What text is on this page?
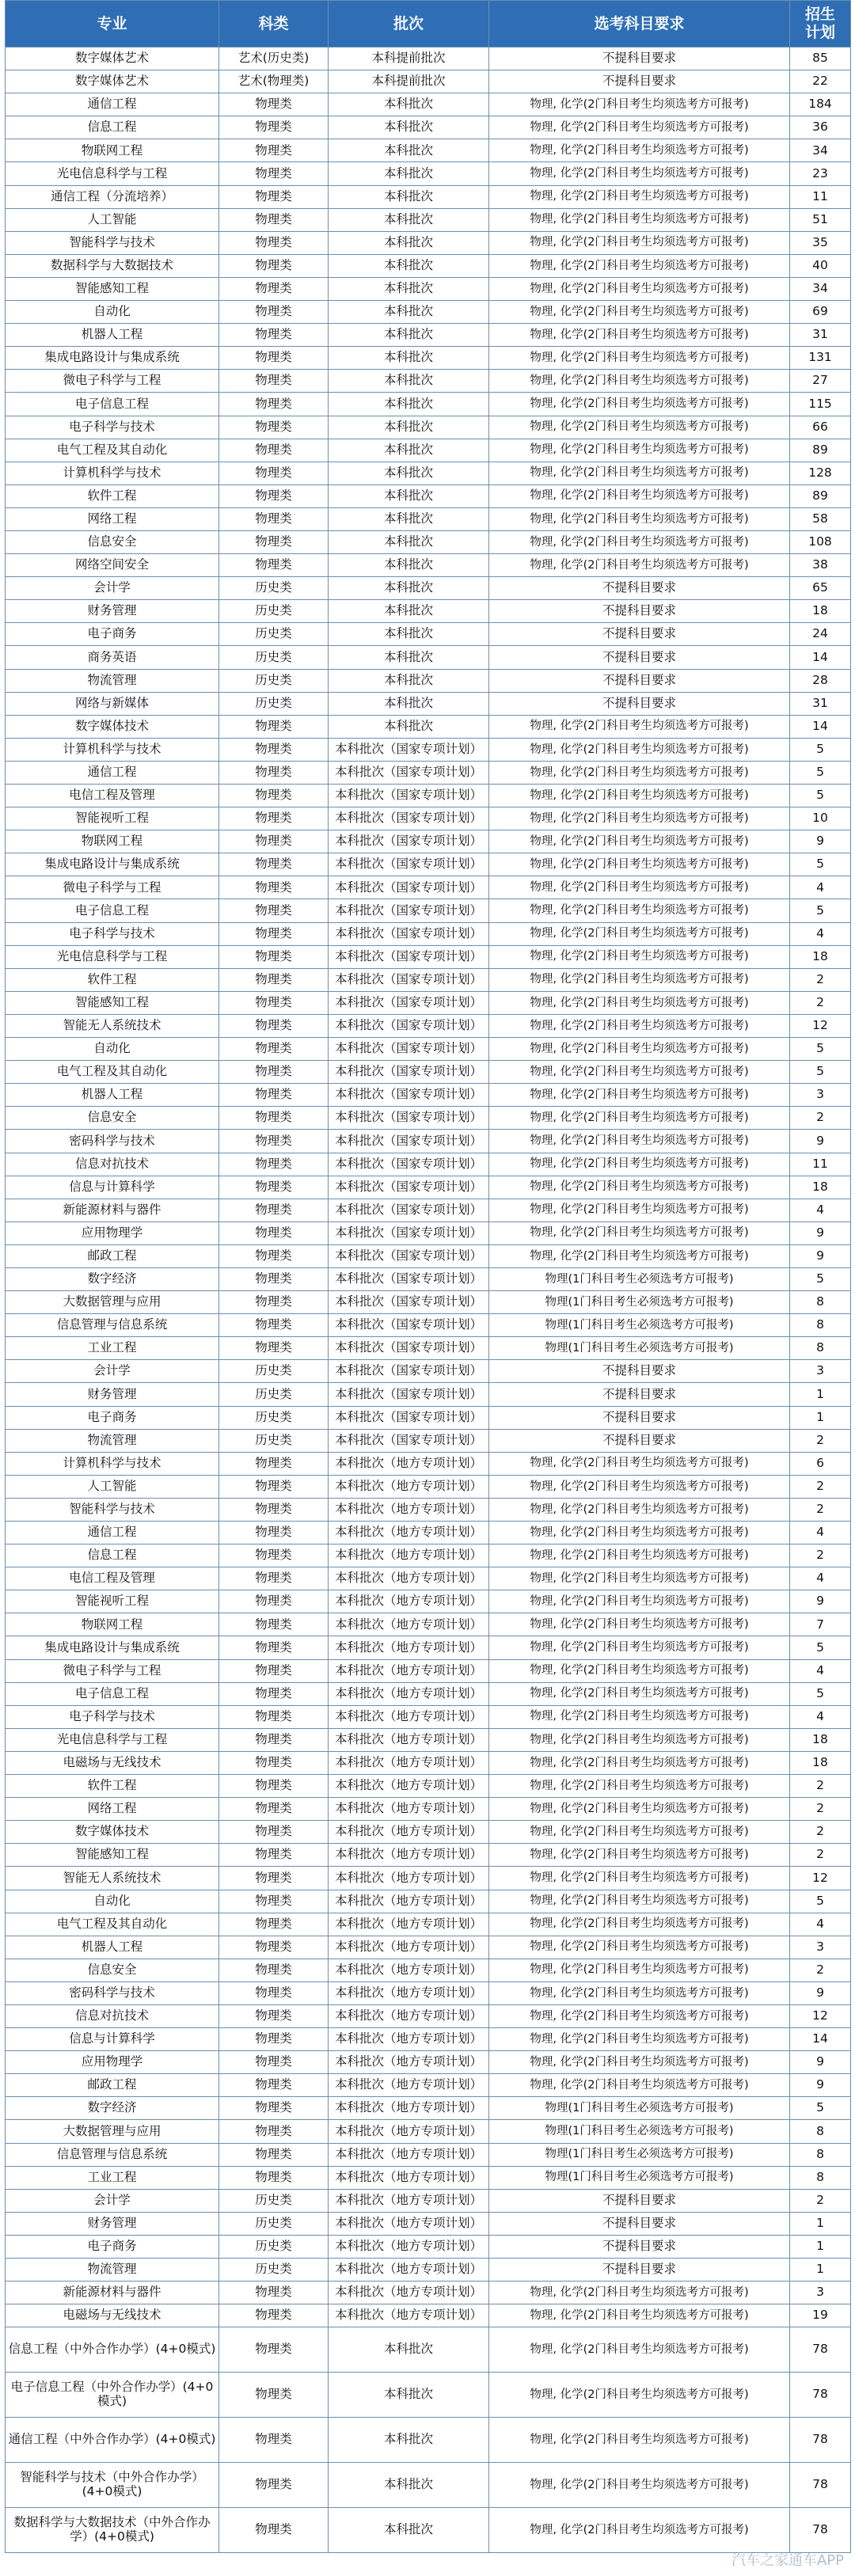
专业	科类	批次	选考科目要求	招生
计划
数字媒体艺术	艺术(历史类)	本科提前批次	不提科目要求	85
数字媒体艺术	艺术(物理类)	本科提前批次	不提科目要求	22
通信工程	物理类	本科批次	物理, 化学(2门科目考生均须选考方可报考)	184
信息工程	物理类	本科批次	物理, 化学(2门科目考生均须选考方可报考)	36
物联网工程	物理类	本科批次	物理, 化学(2门科目考生均须选考方可报考)	34
光电信息科学与工程	物理类	本科批次	物理, 化学(2门科目考生均须选考方可报考)	23
通信工程（分流培养）	物理类	本科批次	物理, 化学(2门科目考生均须选考方可报考)	11
人工智能	物理类	本科批次	物理, 化学(2门科目考生均须选考方可报考)	51
智能科学与技术	物理类	本科批次	物理, 化学(2门科目考生均须选考方可报考)	35
数据科学与大数据技术	物理类	本科批次	物理, 化学(2门科目考生均须选考方可报考)	40
智能感知工程	物理类	本科批次	物理, 化学(2门科目考生均须选考方可报考)	34
自动化	物理类	本科批次	物理, 化学(2门科目考生均须选考方可报考)	69
机器人工程	物理类	本科批次	物理, 化学(2门科目考生均须选考方可报考)	31
集成电路设计与集成系统	物理类	本科批次	物理, 化学(2门科目考生均须选考方可报考)	131
微电子科学与工程	物理类	本科批次	物理, 化学(2门科目考生均须选考方可报考)	27
电子信息工程	物理类	本科批次	物理, 化学(2门科目考生均须选考方可报考)	115
电子科学与技术	物理类	本科批次	物理, 化学(2门科目考生均须选考方可报考)	66
电气工程及其自动化	物理类	本科批次	物理, 化学(2门科目考生均须选考方可报考)	89
计算机科学与技术	物理类	本科批次	物理, 化学(2门科目考生均须选考方可报考)	128
软件工程	物理类	本科批次	物理, 化学(2门科目考生均须选考方可报考)	89
网络工程	物理类	本科批次	物理, 化学(2门科目考生均须选考方可报考)	58
信息安全	物理类	本科批次	物理, 化学(2门科目考生均须选考方可报考)	108
网络空间安全	物理类	本科批次	物理, 化学(2门科目考生均须选考方可报考)	38
会计学	历史类	本科批次	不提科目要求	65
财务管理	历史类	本科批次	不提科目要求	18
电子商务	历史类	本科批次	不提科目要求	24
商务英语	历史类	本科批次	不提科目要求	14
物流管理	历史类	本科批次	不提科目要求	28
网络与新媒体	历史类	本科批次	不提科目要求	31
数字媒体技术	物理类	本科批次	物理, 化学(2门科目考生均须选考方可报考)	14
计算机科学与技术	物理类	本科批次（国家专项计划）	物理, 化学(2门科目考生均须选考方可报考)	5
通信工程	物理类	本科批次（国家专项计划）	物理, 化学(2门科目考生均须选考方可报考)	5
电信工程及管理	物理类	本科批次（国家专项计划）	物理, 化学(2门科目考生均须选考方可报考)	5
智能视听工程	物理类	本科批次（国家专项计划）	物理, 化学(2门科目考生均须选考方可报考)	10
物联网工程	物理类	本科批次（国家专项计划）	物理, 化学(2门科目考生均须选考方可报考)	9
集成电路设计与集成系统	物理类	本科批次（国家专项计划）	物理, 化学(2门科目考生均须选考方可报考)	5
微电子科学与工程	物理类	本科批次（国家专项计划）	物理, 化学(2门科目考生均须选考方可报考)	4
电子信息工程	物理类	本科批次（国家专项计划）	物理, 化学(2门科目考生均须选考方可报考)	5
电子科学与技术	物理类	本科批次（国家专项计划）	物理, 化学(2门科目考生均须选考方可报考)	4
光电信息科学与工程	物理类	本科批次（国家专项计划）	物理, 化学(2门科目考生均须选考方可报考)	18
软件工程	物理类	本科批次（国家专项计划）	物理, 化学(2门科目考生均须选考方可报考)	2
智能感知工程	物理类	本科批次（国家专项计划）	物理, 化学(2门科目考生均须选考方可报考)	2
智能无人系统技术	物理类	本科批次（国家专项计划）	物理, 化学(2门科目考生均须选考方可报考)	12
自动化	物理类	本科批次（国家专项计划）	物理, 化学(2门科目考生均须选考方可报考)	5
电气工程及其自动化	物理类	本科批次（国家专项计划）	物理, 化学(2门科目考生均须选考方可报考)	5
机器人工程	物理类	本科批次（国家专项计划）	物理, 化学(2门科目考生均须选考方可报考)	3
信息安全	物理类	本科批次（国家专项计划）	物理, 化学(2门科目考生均须选考方可报考)	2
密码科学与技术	物理类	本科批次（国家专项计划）	物理, 化学(2门科目考生均须选考方可报考)	9
信息对抗技术	物理类	本科批次（国家专项计划）	物理, 化学(2门科目考生均须选考方可报考)	11
信息与计算科学	物理类	本科批次（国家专项计划）	物理, 化学(2门科目考生均须选考方可报考)	18
新能源材料与器件	物理类	本科批次（国家专项计划）	物理, 化学(2门科目考生均须选考方可报考)	4
应用物理学	物理类	本科批次（国家专项计划）	物理, 化学(2门科目考生均须选考方可报考)	9
邮政工程	物理类	本科批次（国家专项计划）	物理, 化学(2门科目考生均须选考方可报考)	9
数字经济	物理类	本科批次（国家专项计划）	物理(1门科目考生必须选考方可报考)	5
大数据管理与应用	物理类	本科批次（国家专项计划）	物理(1门科目考生必须选考方可报考)	8
信息管理与信息系统	物理类	本科批次（国家专项计划）	物理(1门科目考生必须选考方可报考)	8
工业工程	物理类	本科批次（国家专项计划）	物理(1门科目考生必须选考方可报考)	8
会计学	历史类	本科批次（国家专项计划）	不提科目要求	3
财务管理	历史类	本科批次（国家专项计划）	不提科目要求	1
电子商务	历史类	本科批次（国家专项计划）	不提科目要求	1
物流管理	历史类	本科批次（国家专项计划）	不提科目要求	2
计算机科学与技术	物理类	本科批次（地方专项计划）	物理, 化学(2门科目考生均须选考方可报考)	6
人工智能	物理类	本科批次（地方专项计划）	物理, 化学(2门科目考生均须选考方可报考)	2
智能科学与技术	物理类	本科批次（地方专项计划）	物理, 化学(2门科目考生均须选考方可报考)	2
通信工程	物理类	本科批次（地方专项计划）	物理, 化学(2门科目考生均须选考方可报考)	4
信息工程	物理类	本科批次（地方专项计划）	物理, 化学(2门科目考生均须选考方可报考)	2
电信工程及管理	物理类	本科批次（地方专项计划）	物理, 化学(2门科目考生均须选考方可报考)	4
智能视听工程	物理类	本科批次（地方专项计划）	物理, 化学(2门科目考生均须选考方可报考)	9
物联网工程	物理类	本科批次（地方专项计划）	物理, 化学(2门科目考生均须选考方可报考)	7
集成电路设计与集成系统	物理类	本科批次（地方专项计划）	物理, 化学(2门科目考生均须选考方可报考)	5
微电子科学与工程	物理类	本科批次（地方专项计划）	物理, 化学(2门科目考生均须选考方可报考)	4
电子信息工程	物理类	本科批次（地方专项计划）	物理, 化学(2门科目考生均须选考方可报考)	5
电子科学与技术	物理类	本科批次（地方专项计划）	物理, 化学(2门科目考生均须选考方可报考)	4
光电信息科学与工程	物理类	本科批次（地方专项计划）	物理, 化学(2门科目考生均须选考方可报考)	18
电磁场与无线技术	物理类	本科批次（地方专项计划）	物理, 化学(2门科目考生均须选考方可报考)	18
软件工程	物理类	本科批次（地方专项计划）	物理, 化学(2门科目考生均须选考方可报考)	2
网络工程	物理类	本科批次（地方专项计划）	物理, 化学(2门科目考生均须选考方可报考)	2
数字媒体技术	物理类	本科批次（地方专项计划）	物理, 化学(2门科目考生均须选考方可报考)	2
智能感知工程	物理类	本科批次（地方专项计划）	物理, 化学(2门科目考生均须选考方可报考)	2
智能无人系统技术	物理类	本科批次（地方专项计划）	物理, 化学(2门科目考生均须选考方可报考)	12
自动化	物理类	本科批次（地方专项计划）	物理, 化学(2门科目考生均须选考方可报考)	5
电气工程及其自动化	物理类	本科批次（地方专项计划）	物理, 化学(2门科目考生均须选考方可报考)	4
机器人工程	物理类	本科批次（地方专项计划）	物理, 化学(2门科目考生均须选考方可报考)	3
信息安全	物理类	本科批次（地方专项计划）	物理, 化学(2门科目考生均须选考方可报考)	2
密码科学与技术	物理类	本科批次（地方专项计划）	物理, 化学(2门科目考生均须选考方可报考)	9
信息对抗技术	物理类	本科批次（地方专项计划）	物理, 化学(2门科目考生均须选考方可报考)	12
信息与计算科学	物理类	本科批次（地方专项计划）	物理, 化学(2门科目考生均须选考方可报考)	14
应用物理学	物理类	本科批次（地方专项计划）	物理, 化学(2门科目考生均须选考方可报考)	9
邮政工程	物理类	本科批次（地方专项计划）	物理, 化学(2门科目考生均须选考方可报考)	9
数字经济	物理类	本科批次（地方专项计划）	物理(1门科目考生必须选考方可报考)	5
大数据管理与应用	物理类	本科批次（地方专项计划）	物理(1门科目考生必须选考方可报考)	8
信息管理与信息系统	物理类	本科批次（地方专项计划）	物理(1门科目考生必须选考方可报考)	8
工业工程	物理类	本科批次（地方专项计划）	物理(1门科目考生必须选考方可报考)	8
会计学	历史类	本科批次（地方专项计划）	不提科目要求	2
财务管理	历史类	本科批次（地方专项计划）	不提科目要求	1
电子商务	历史类	本科批次（地方专项计划）	不提科目要求	1
物流管理	历史类	本科批次（地方专项计划）	不提科目要求	1
新能源材料与器件	物理类	本科批次（地方专项计划）	物理, 化学(2门科目考生均须选考方可报考)	3
电磁场与无线技术	物理类	本科批次（地方专项计划）	物理, 化学(2门科目考生均须选考方可报考)	19
信息工程（中外合作办学）(4+0模式)	物理类	本科批次	物理, 化学(2门科目考生均须选考方可报考)	78
电子信息工程（中外合作办学）(4+0模式)	物理类	本科批次	物理, 化学(2门科目考生均须选考方可报考)	78
通信工程（中外合作办学）(4+0模式)	物理类	本科批次	物理, 化学(2门科目考生均须选考方可报考)	78
智能科学与技术（中外合作办学）(4+0模式)	物理类	本科批次	物理, 化学(2门科目考生均须选考方可报考)	78
数据科学与大数据技术（中外合作办学）(4+0模式)	物理类	本科批次	物理, 化学(2门科目考生均须选考方可报考)	78
汽车之家通车APP
